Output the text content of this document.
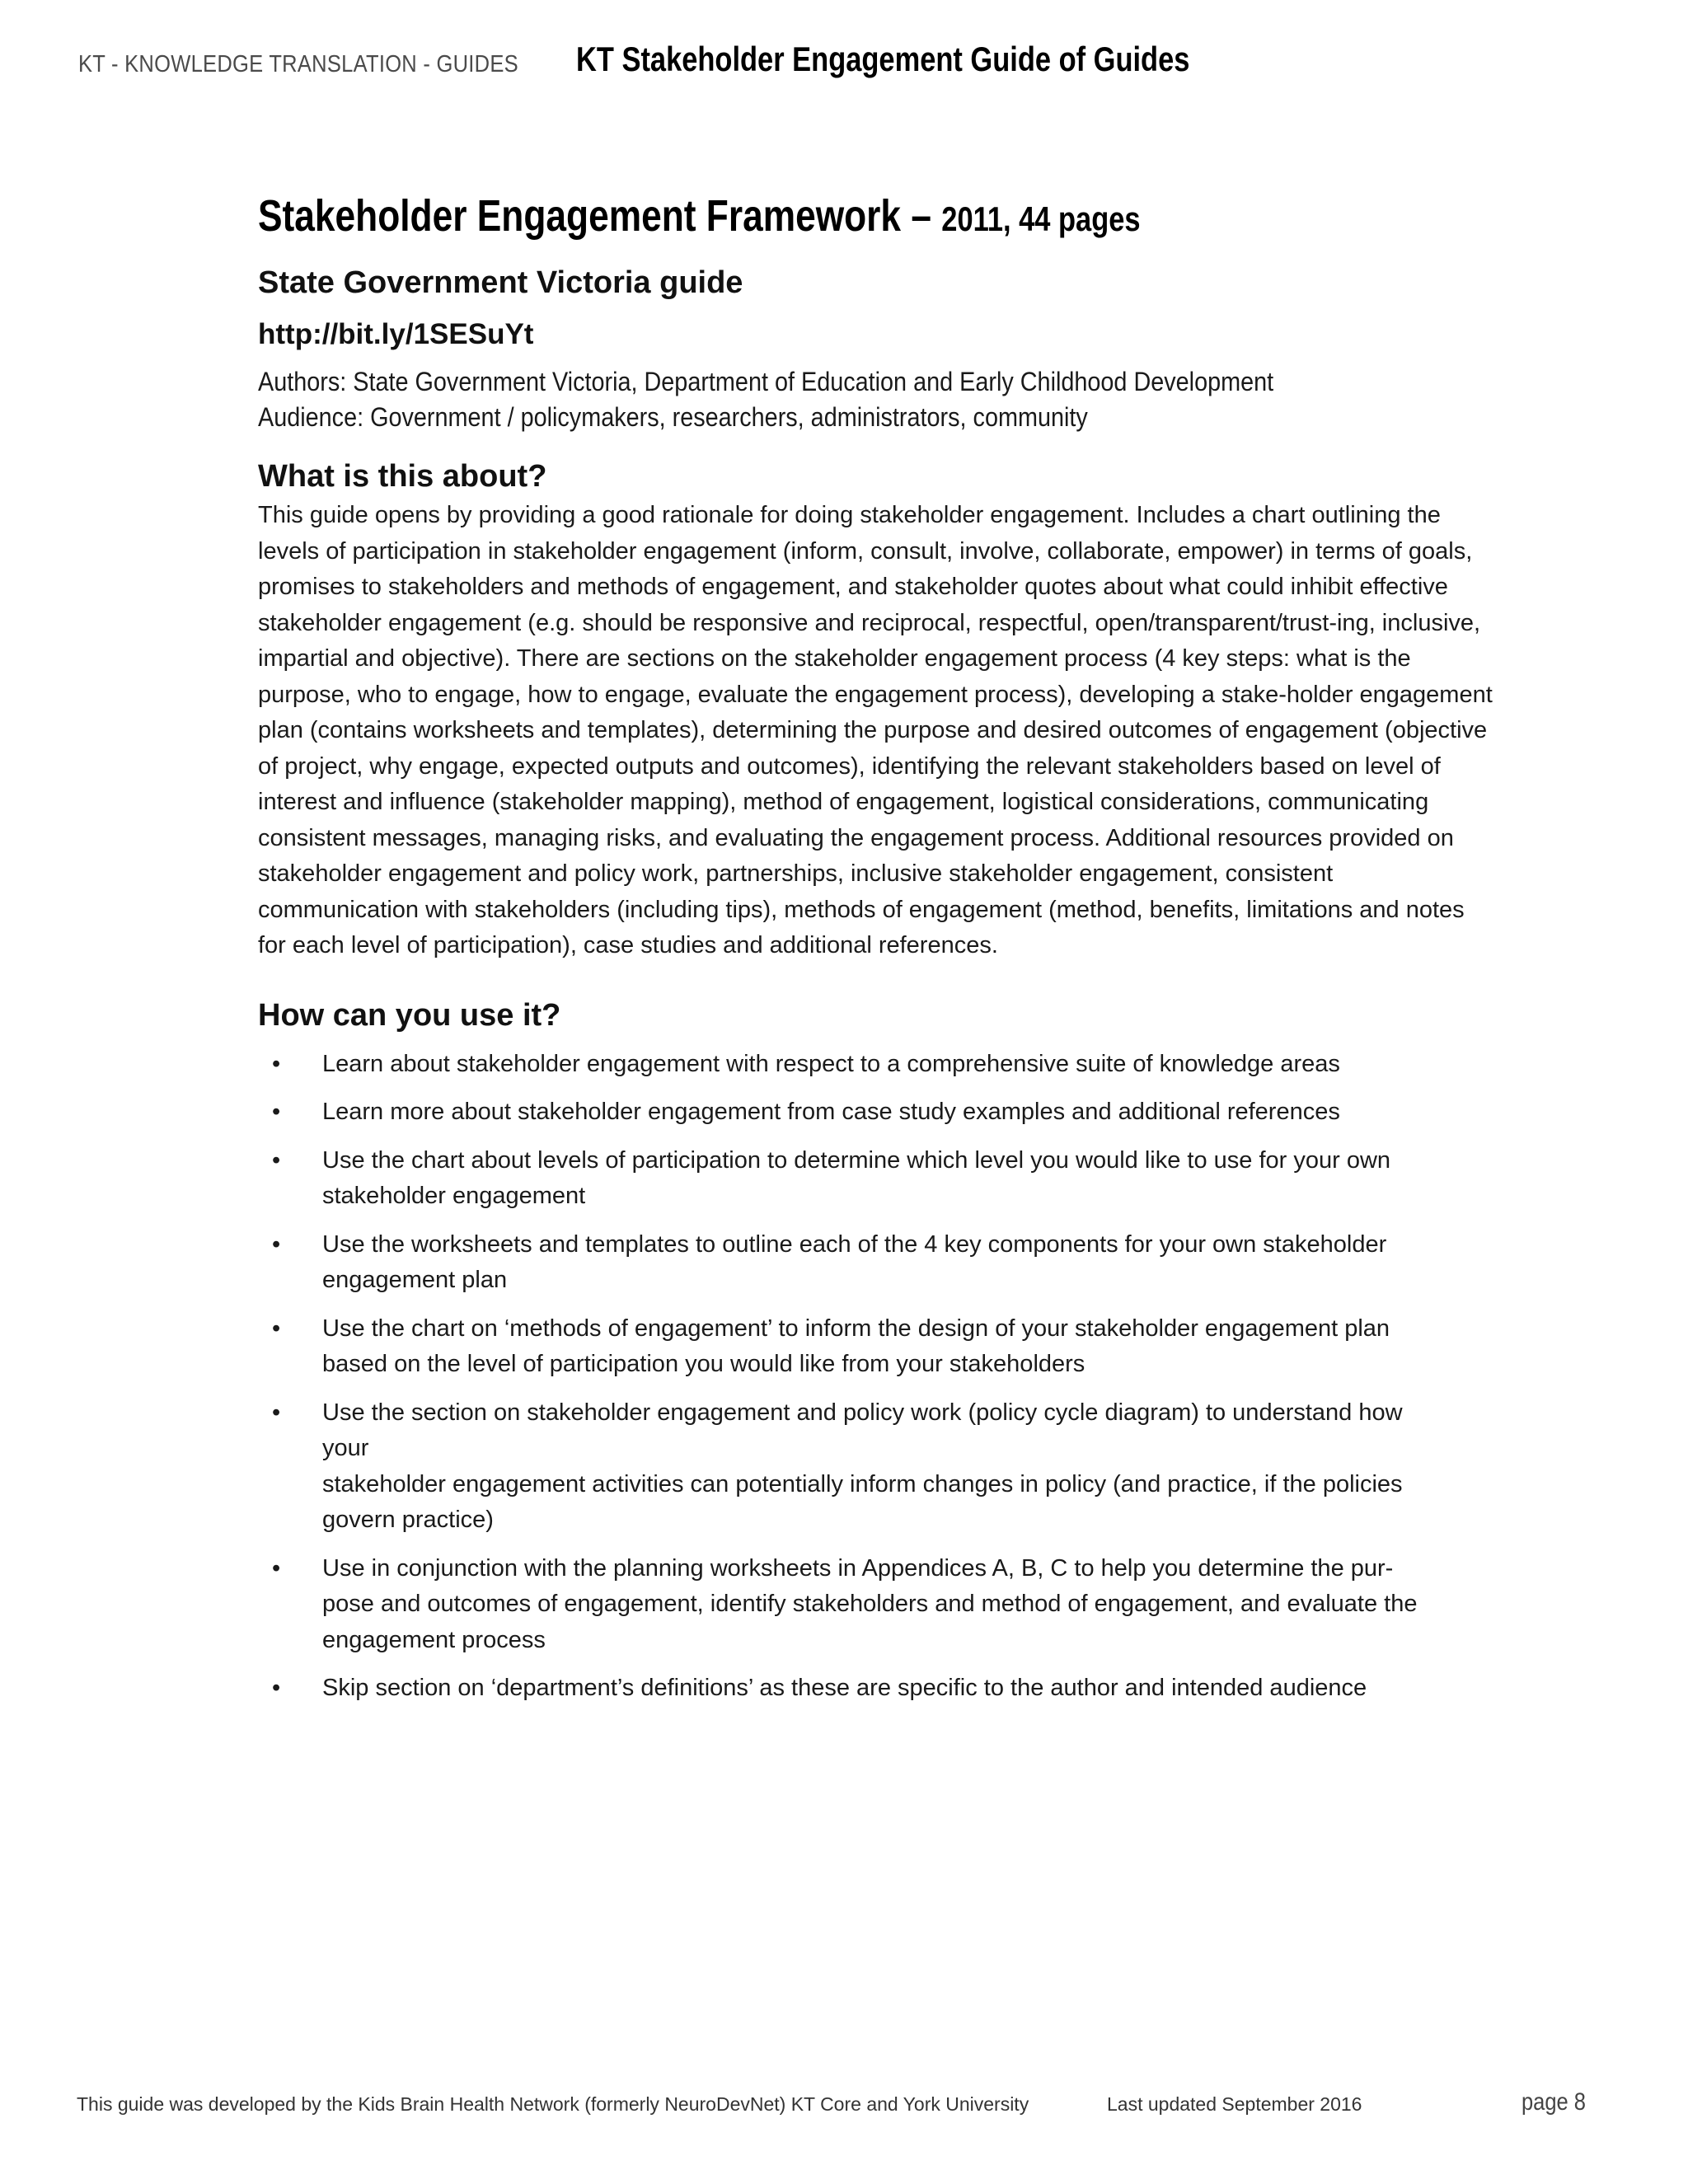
KT - KNOWLEDGE TRANSLATION - GUIDES KT Stakeholder Engagement Guide of Guides
Stakeholder Engagement Framework – 2011, 44 pages
State Government Victoria guide
http://bit.ly/1SESuYt
Authors: State Government Victoria, Department of Education and Early Childhood Development
Audience: Government / policymakers, researchers, administrators, community
What is this about?

This guide opens by providing a good rationale for doing stakeholder engagement. Includes a chart outlining the levels of participation in stakeholder engagement (inform, consult, involve, collaborate, empower) in terms of goals, promises to stakeholders and methods of engagement, and stakeholder quotes about what could inhibit effective stakeholder engagement (e.g. should be responsive and reciprocal, respectful, open/transparent/trust-ing, inclusive, impartial and objective). There are sections on the stakeholder engagement process (4 key steps: what is the purpose, who to engage, how to engage, evaluate the engagement process), developing a stake-holder engagement plan (contains worksheets and templates), determining the purpose and desired outcomes of engagement (objective of project, why engage, expected outputs and outcomes), identifying the relevant stakeholders based on level of interest and influence (stakeholder mapping), method of engagement, logistical considerations, communicating consistent messages, managing risks, and evaluating the engagement process. Additional resources provided on stakeholder engagement and policy work, partnerships, inclusive stakeholder engagement, consistent communication with stakeholders (including tips), methods of engagement (method, benefits, limitations and notes for each level of participation), case studies and additional references.

How can you use it?
• Learn about stakeholder engagement with respect to a comprehensive suite of knowledge areas
• Learn more about stakeholder engagement from case study examples and additional references
• Use the chart about levels of participation to determine which level you would like to use for your own
stakeholder engagement
• Use the worksheets and templates to outline each of the 4 key components for your own stakeholder
engagement plan
• Use the chart on ‘methods of engagement’ to inform the design of your stakeholder engagement plan
based on the level of participation you would like from your stakeholders
• Use the section on stakeholder engagement and policy work (policy cycle diagram) to understand how
your
stakeholder engagement activities can potentially inform changes in policy (and practice, if the policies
govern practice)
• Use in conjunction with the planning worksheets in Appendices A, B, C to help you determine the pur-
pose and outcomes of engagement, identify stakeholders and method of engagement, and evaluate the
engagement process
• Skip section on ‘department’s definitions’ as these are specific to the author and intended audience
This guide was developed by the Kids Brain Health Network (formerly NeuroDevNet) KT Core and York University	Last updated September 2016	page 8
